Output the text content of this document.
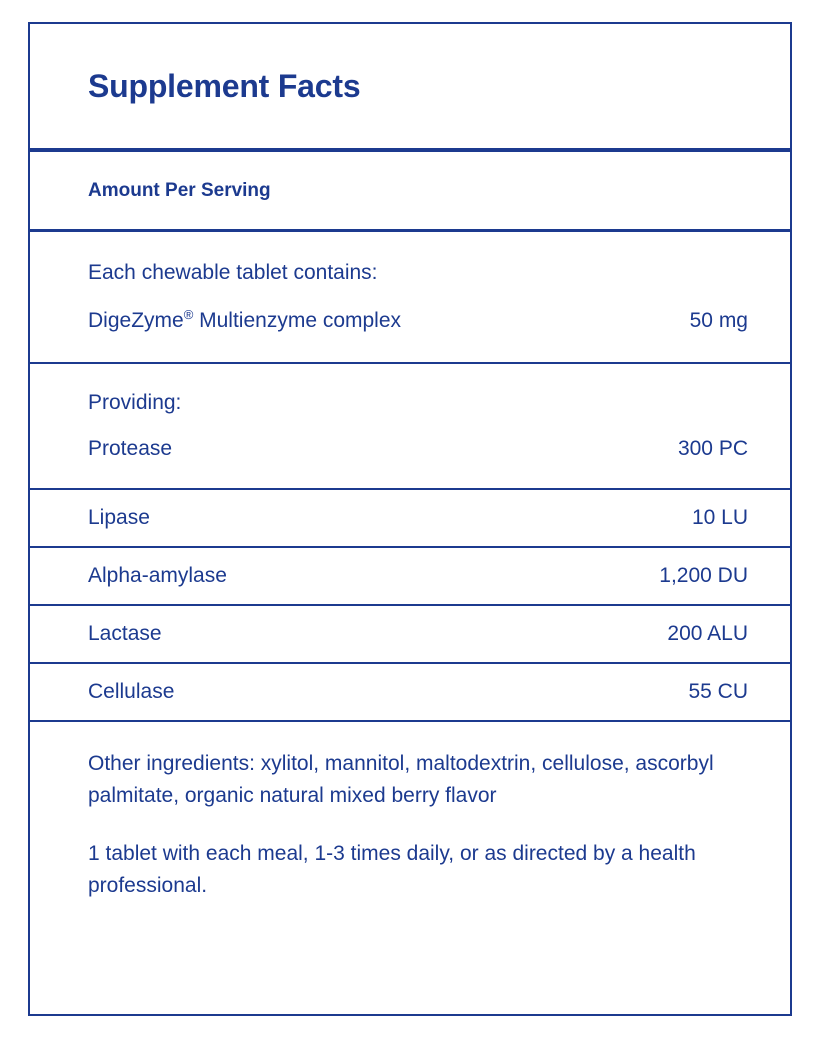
Supplement Facts
Amount Per Serving
Each chewable tablet contains:
DigeZyme® Multienzyme complex	50 mg
Providing:
Protease	300 PC
Lipase	10 LU
Alpha-amylase	1,200 DU
Lactase	200 ALU
Cellulase	55 CU

Other ingredients: xylitol, mannitol, maltodextrin, cellulose, ascorbyl palmitate, organic natural mixed berry flavor

1 tablet with each meal, 1-3 times daily, or as directed by a health professional.
